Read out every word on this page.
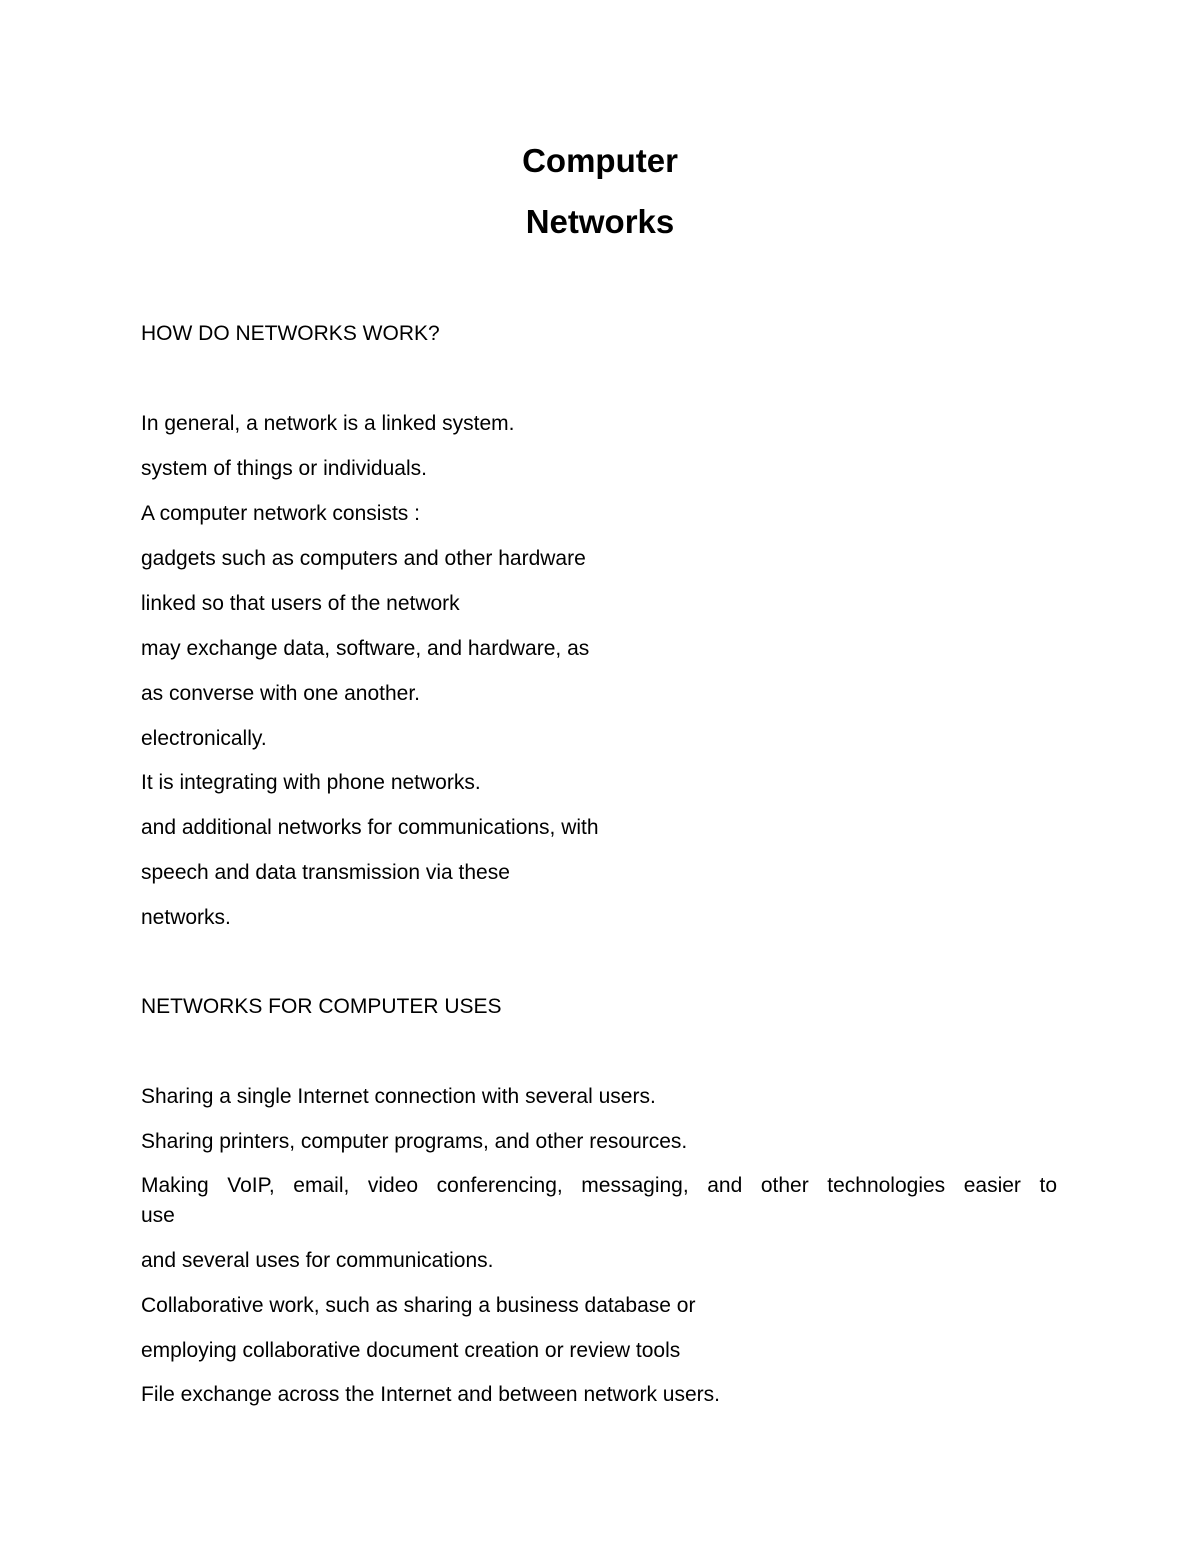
Computer
Networks

HOW DO NETWORKS WORK?

In general, a network is a linked system.

system of things or individuals.

A computer network consists :

gadgets such as computers and other hardware

linked so that users of the network

may exchange data, software, and hardware, as

as converse with one another.

electronically.

It is integrating with phone networks.

and additional networks for communications, with

speech and data transmission via these

networks.

NETWORKS FOR COMPUTER USES

Sharing a single Internet connection with several users.

Sharing printers, computer programs, and other resources.

Making VoIP, email, video conferencing, messaging, and other technologies easier to
use

and several uses for communications.

Collaborative work, such as sharing a business database or

employing collaborative document creation or review tools

File exchange across the Internet and between network users.
